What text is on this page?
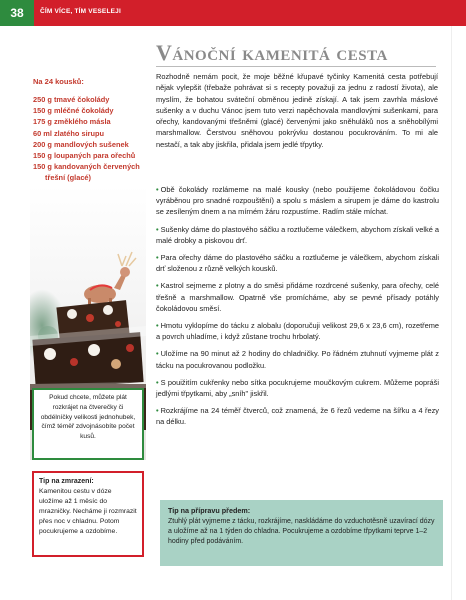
38	ČÍM VÍCE, TÍM VESELEJI
Vánoční kamenitá cesta
Na 24 kousků:
250 g tmavé čokolády
150 g mléčné čokolády
175 g změklého másla
60 ml zlatého sirupu
200 g mandlových sušenek
150 g loupaných para ořechů
150 g kandovaných červených
třešní (glacé)

Rozhodně nemám pocit, že moje běžné křupavé tyčinky Kamenitá cesta potřebují nějak vylepšit (třebaže pohrávat si s recepty považuji za jednu z radostí života), ale myslím, že bohatou sváteční obměnou jedině získají. A tak jsem zavrhla máslové sušenky a v duchu Vánoc jsem tuto verzi napěchovala mandlovými sušenkami, para ořechy, kandovanými třešněmi (glacé) červenými jako sněhuláků nos a sněhobílými marshmallow. Čerstvou sněhovou pokrývku dostanou pocukrováním. To mi ale nestačí, a tak aby jiskřila, přidala jsem jedlé třpytky.

Pokud chcete, můžete plát rozkrájet na čtverečky či obdélníčky velikosti jednohubek, čímž téměř zdvojnásobíte počet kusů.

Tip na zmrazení:

Kamenitou cestu v dóze uložíme až 1 měsíc do mrazničky. Necháme ji rozmrazit přes noc v chladnu. Potom pocukrujeme a ozdobíme.

• Obě čokolády rozlámeme na malé kousky (nebo použijeme čokoládovou čočku vyráběnou pro snadné rozpouštění) a spolu s máslem a sirupem je dáme do kastrolu se zesíleným dnem a na mírném žáru rozpustíme. Radím stále míchat.
• Sušenky dáme do plastového sáčku a roztlučeme válečkem, abychom získali velké a malé drobky a piskovou drť.
• Para ořechy dáme do plastového sáčku a roztlučeme je válečkem, abychom získali drť složenou z různě velkých kousků.
• Kastrol sejmeme z plotny a do směsi přidáme rozdrcené sušenky, para ořechy, celé třešně a marshmallow. Opatrně vše promícháme, aby se pevné přísady potáhly čokoládovou směsí.
• Hmotu vyklopíme do tácku z alobalu (doporučuji velikost 29,6 x 23,6 cm), rozetřeme a povrch uhladíme, i když zůstane trochu hrbolatý.
• Uložíme na 90 minut až 2 hodiny do chladničky. Po řádném ztuhnutí vyjmeme plát z tácku na pocukrovanou podložku.
• S pouižitím cukřenky nebo sítka pocukrujeme moučkovým cukrem. Můžeme popráši jedlými třpytkami, aby „sníh" jiskřil.
• Rozkrájíme na 24 téměř čtverců, což znamená, že 6 řezů vedeme na šířku a 4 řezy na délku.
Tip na přípravu předem:

Ztuhlý plát vyjmeme z tácku, rozkrájíme, naskládáme do vzduchotěsně uzavírací dózy a uložíme až na 1 týden do chladna. Pocukrujeme a ozdobíme třpytkami teprve 1–2 hodiny před podáváním.
